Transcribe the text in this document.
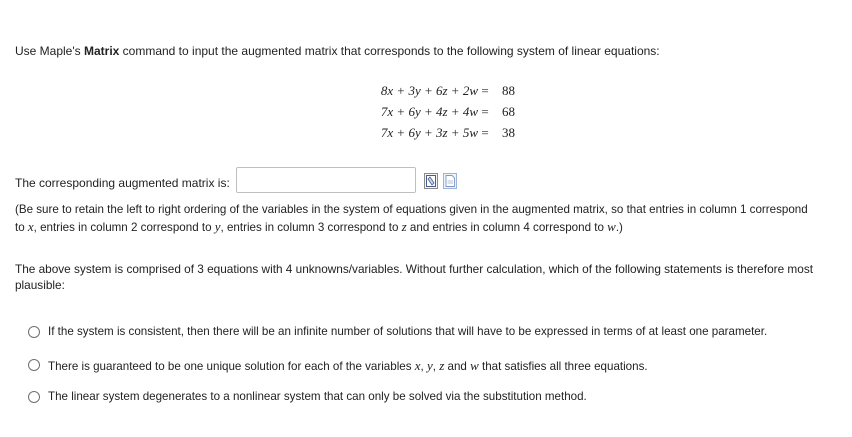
Use Maple's Matrix command to input the augmented matrix that corresponds to the following system of linear equations:
8x + 3y + 6z + 2w = 88
7x + 6y + 4z + 4w = 68
7x + 6y + 3z + 5w = 38
The corresponding augmented matrix is:
(Be sure to retain the left to right ordering of the variables in the system of equations given in the augmented matrix, so that entries in column 1 correspond
to x, entries in column 2 correspond to y, entries in column 3 correspond to z and entries in column 4 correspond to w.)
The above system is comprised of 3 equations with 4 unknowns/variables. Without further calculation, which of the following statements is therefore most
plausible:
If the system is consistent, then there will be an infinite number of solutions that will have to be expressed in terms of at least one parameter.
There is guaranteed to be one unique solution for each of the variables x, y, z and w that satisfies all three equations.
The linear system degenerates to a nonlinear system that can only be solved via the substitution method.
